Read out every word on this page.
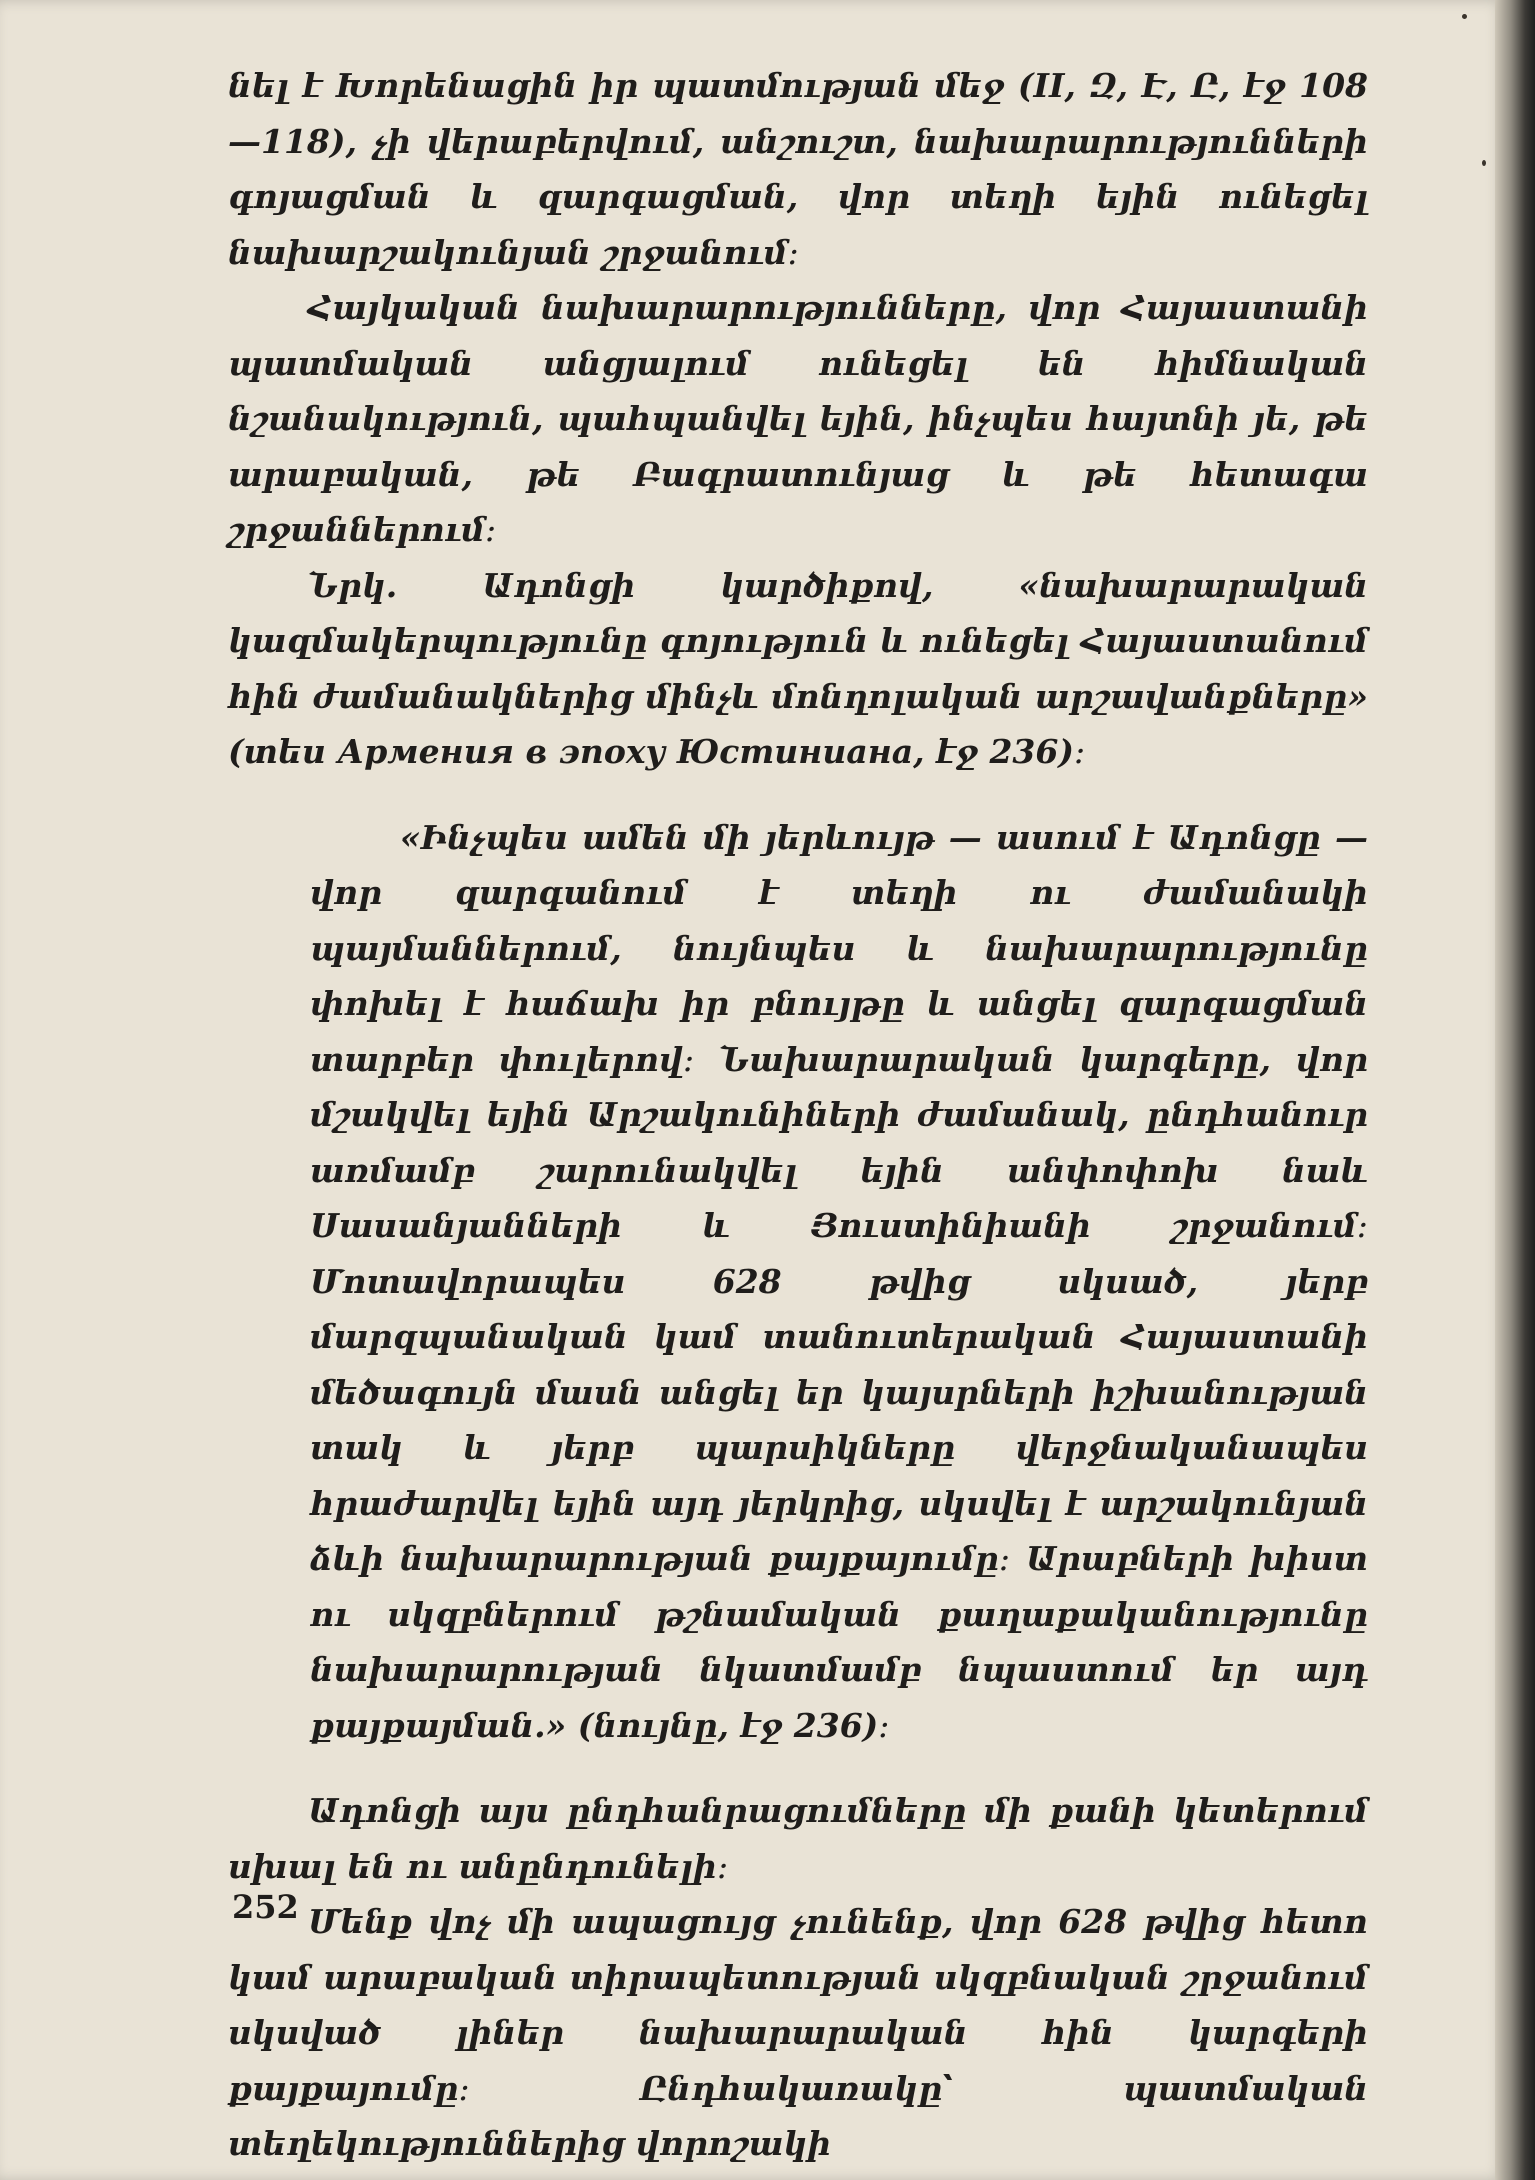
նել է Խորենացին իր պատմության մեջ (II, Զ, Է, Ը, էջ 108—118), չի վերաբերվում, անշուշտ, նախարարությունների գոյացման և զարգացման, վոր տեղի եյին ունեցել նախարշակունյան շրջանում։

Հայկական նախարարությունները, վոր Հայաստանի պատմական անցյալում ունեցել են հիմնական նշանակություն, պահպանվել եյին, ինչպես հայտնի յե, թե արաբական, թե Բագրատունյաց և թե հետագա շրջաններում։

Նրկ. Ադոնցի կարծիքով, «նախարարական կազմակերպությունը գոյություն և ունեցել Հայաստանում հին ժամանակներից մինչև մոնղոլական արշավանքները» (տես Армения в эпоху Юстиниана, էջ 236)։

«Ինչպես ամեն մի յերևույթ — ասում է Ադոնցը — վոր զարգանում է տեղի ու ժամանակի պայմաններում, նույնպես և նախարարությունը փոխել է հաճախ իր բնույթը և անցել զարգացման տարբեր փուլերով։ Նախարարական կարգերը, վոր մշակվել եյին Արշակունիների ժամանակ, ընդհանուր առմամբ շարունակվել եյին անփոփոխ նաև Սասանյանների և Յուստինիանի շրջանում։ Մոտավորապես 628 թվից սկսած, յերբ մարզպանական կամ տանուտերական Հայաստանի մեծագույն մասն անցել եր կայսրների իշխանության տակ և յերբ պարսիկները վերջնականապես հրաժարվել եյին այդ յերկրից, սկսվել է արշակունյան ձևի նախարարության քայքայումը։ Արաբների խիստ ու սկզբներում թշնամական քաղաքականությունը նախարարության նկատմամբ նպաստում եր այդ քայքայման.» (նույնը, էջ 236)։

Ադոնցի այս ընդհանրացումները մի քանի կետերում սխալ են ու անընդունելի։

Մենք վոչ մի ապացույց չունենք, վոր 628 թվից հետո կամ արաբական տիրապետության սկզբնական շրջանում սկսված լիներ նախարարական հին կարգերի քայքայումը։ Ընդհակառակը՝ պատմական տեղեկություններից վորոշակի

252
